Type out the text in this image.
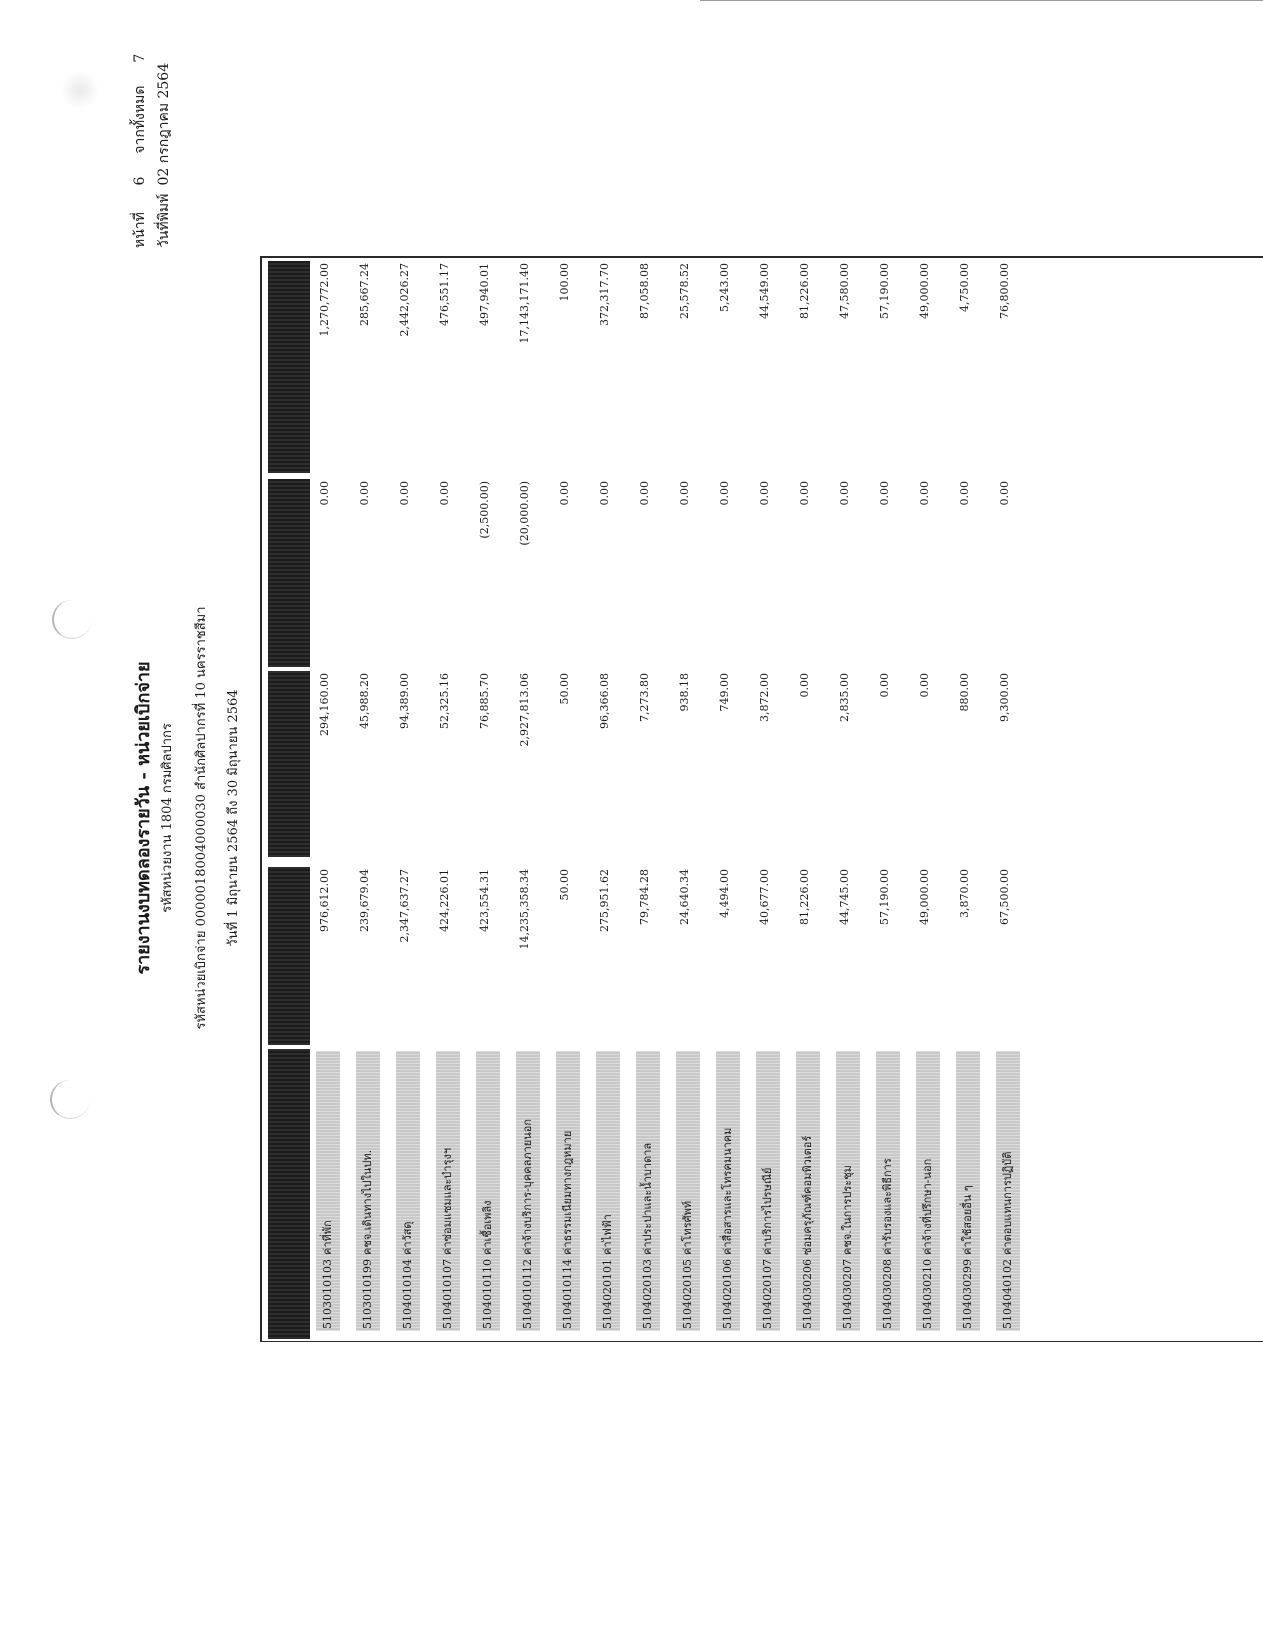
หน้าที่ 6  จากทั้งหมด  7
วันที่พิมพ์ 02 กรกฎาคม 2564
รายงานงบทดลองรายวัน - หน่วยเบิกจ่าย รหัสหน่วยงาน 1804 กรมศิลปากร	รหัสหน่วยเบิกจ่าย 0000018004000030 สำนักศิลปากรที่ 10 นครราชสีมา	วันที่ 1 มิถุนายน 2564 ถึง 30 มิถุนายน 2564
5103010103ค่าที่พัก
976,612.00
294,160.00
0.00
1,270,772.00
5103010199คชจ.เดินทางไปในปท.
239,679.04
45,988.20
0.00
285,667.24
5104010104ค่าวัสดุ
2,347,637.27
94,389.00
0.00
2,442,026.27
5104010107ค่าซ่อมแซมและบำรุงฯ
424,226.01
52,325.16
0.00
476,551.17
5104010110ค่าเชื้อเพลิง
423,554.31
76,885.70
(2,500.00)
497,940.01
5104010112ค่าจ้างบริการ-บุคคลภายนอก
14,235,358.34
2,927,813.06
(20,000.00)
17,143,171.40
5104010114ค่าธรรมเนียมทางกฎหมาย
50.00
50.00
0.00
100.00
5104020101ค่าไฟฟ้า
275,951.62
96,366.08
0.00
372,317.70
5104020103ค่าประปาและน้ำบาดาล
79,784.28
7,273.80
0.00
87,058.08
5104020105ค่าโทรศัพท์
24,640.34
938.18
0.00
25,578.52
5104020106ค่าสื่อสารและโทรคมนาคม
4,494.00
749.00
0.00
5,243.00
5104020107ค่าบริการไปรษณีย์
40,677.00
3,872.00
0.00
44,549.00
5104030206ซ่อมครุภัณฑ์คอมพิวเตอร์
81,226.00
0.00
0.00
81,226.00
5104030207คชจ.ในการประชุม
44,745.00
2,835.00
0.00
47,580.00
5104030208ค่ารับรองและพิธีการ
57,190.00
0.00
0.00
57,190.00
5104030210ค่าจ้างที่ปรึกษา-นอก
49,000.00
0.00
0.00
49,000.00
5104030299ค่าใช้สอยอื่น ๆ
3,870.00
880.00
0.00
4,750.00
5104040102ค่าตอบแทนการปฏิบัติ
67,500.00
9,300.00
0.00
76,800.00
